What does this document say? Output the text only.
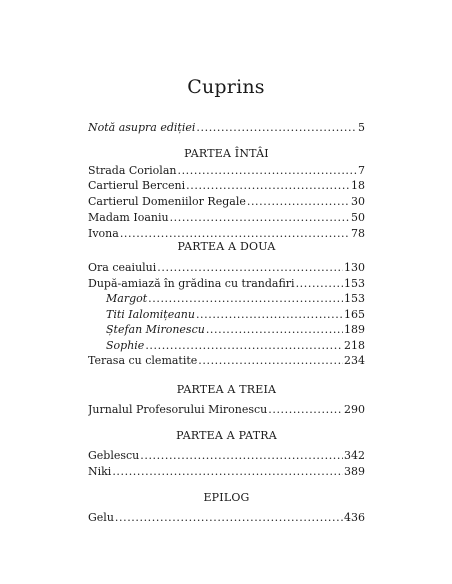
Cuprins
Notă asupra ediției .....	5
PARTEA ÎNTÂI
Strada Coriolan .....	7
Cartierul Berceni .....	18
Cartierul Domeniilor Regale .....	30
Madam Ioaniu .....	50
Ivona .....	78
PARTEA A DOUA
Ora ceaiului .....	130
După-amiază în grădina cu trandafiri .....	153
Margot .....	153
Titi Ialomițeanu .....	165
Ștefan Mironescu .....	189
Sophie .....	218
Terasa cu clematite .....	234
PARTEA A TREIA
Jurnalul Profesorului Mironescu .....	290
PARTEA A PATRA
Geblescu .....	342
Niki .....	389
EPILOG
Gelu .....	436
